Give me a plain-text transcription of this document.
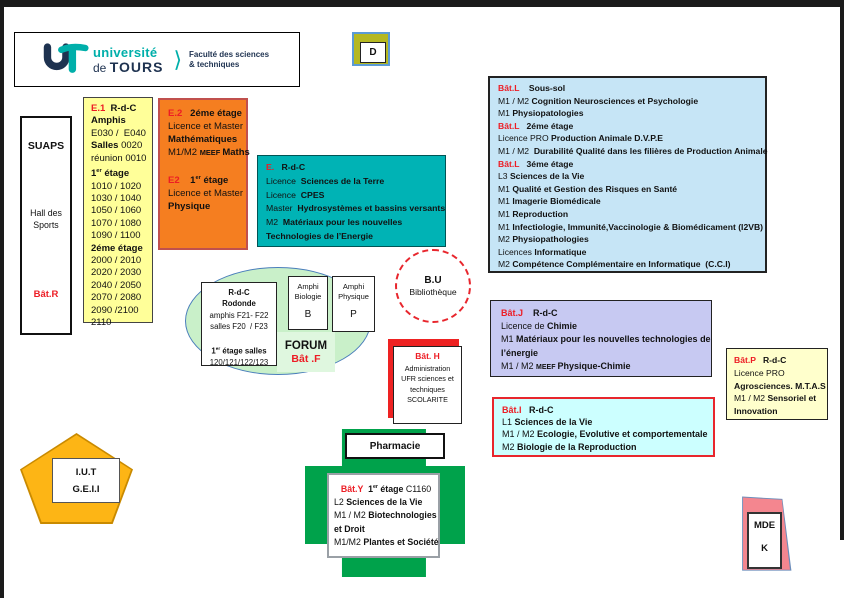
université
de TOURS ⟩ Faculté des sciences
& techniques
D
SUAPS
Hall des
Sports
Bât.R
E.1  R-d-C
Amphis
E030 /  E040
Salles 0020
réunion 0010
1er étage
1010 / 1020
1030 / 1040
1050 / 1060
1070 / 1080
1090 / 1100
2éme étage
2000 / 2010
2020 / 2030
2040 / 2050
2070 / 2080
2090 /2100
2110
E.2   2éme étage
Licence et Master
Mathématiques
M1/M2 MEEF Maths

E2    1er étage
Licence et Master
Physique
E.   R-d-C
Licence  Sciences de la Terre
Licence  CPES
Master  Hydrosystèmes et bassins versants
M2  Matériaux pour les nouvelles
Technologies de l’Energie
Bât.L    Sous-sol
M1 / M2 Cognition Neurosciences et Psychologie
M1 Physiopatologies
Bât.L   2éme étage
Licence PRO Production Animale D.V.P.E
M1 / M2  Durabilité Qualité dans les filières de Production Animale
Bât.L   3éme étage
L3 Sciences de la Vie
M1 Qualité et Gestion des Risques en Santé
M1 Imagerie Biomédicale
M1 Reproduction
M1 Infectiologie, Immunité,Vaccinologie & Biomédicament (I2VB)
M2 Physiopathologies
Licences Informatique
M2 Compétence Complémentaire en Informatique  (C.C.I)
FORUM
Bât .F
R-d-C
Rodonde
amphis F21- F22
salles F20  / F23

1er étage salles
120/121/122/123
Amphi
Biologie
B
Amphi
Physique
P
B.U
Bibliothèque
Bât.J    R-d-C
Licence de Chimie
M1 Matériaux pour les nouvelles technologies de
l’énergie
M1 / M2 MEEF Physique-Chimie
Bât.I   R-d-C
L1 Sciences de la Vie
M1 / M2 Ecologie, Evolutive et comportementale
M2 Biologie de la Reproduction
Bât.P   R-d-C
Licence PRO
Agrosciences. M.T.A.S
M1 / M2 Sensoriel et
Innovation
Bât. H
Administration
UFR sciences et
techniques
SCOLARITE
Pharmacie
Bât.Y  1er étage C1160
L2 Sciences de la Vie
M1 / M2 Biotechnologies
et Droit
M1/M2 Plantes et Société
I.U.T
G.E.I.I
MDE
K
